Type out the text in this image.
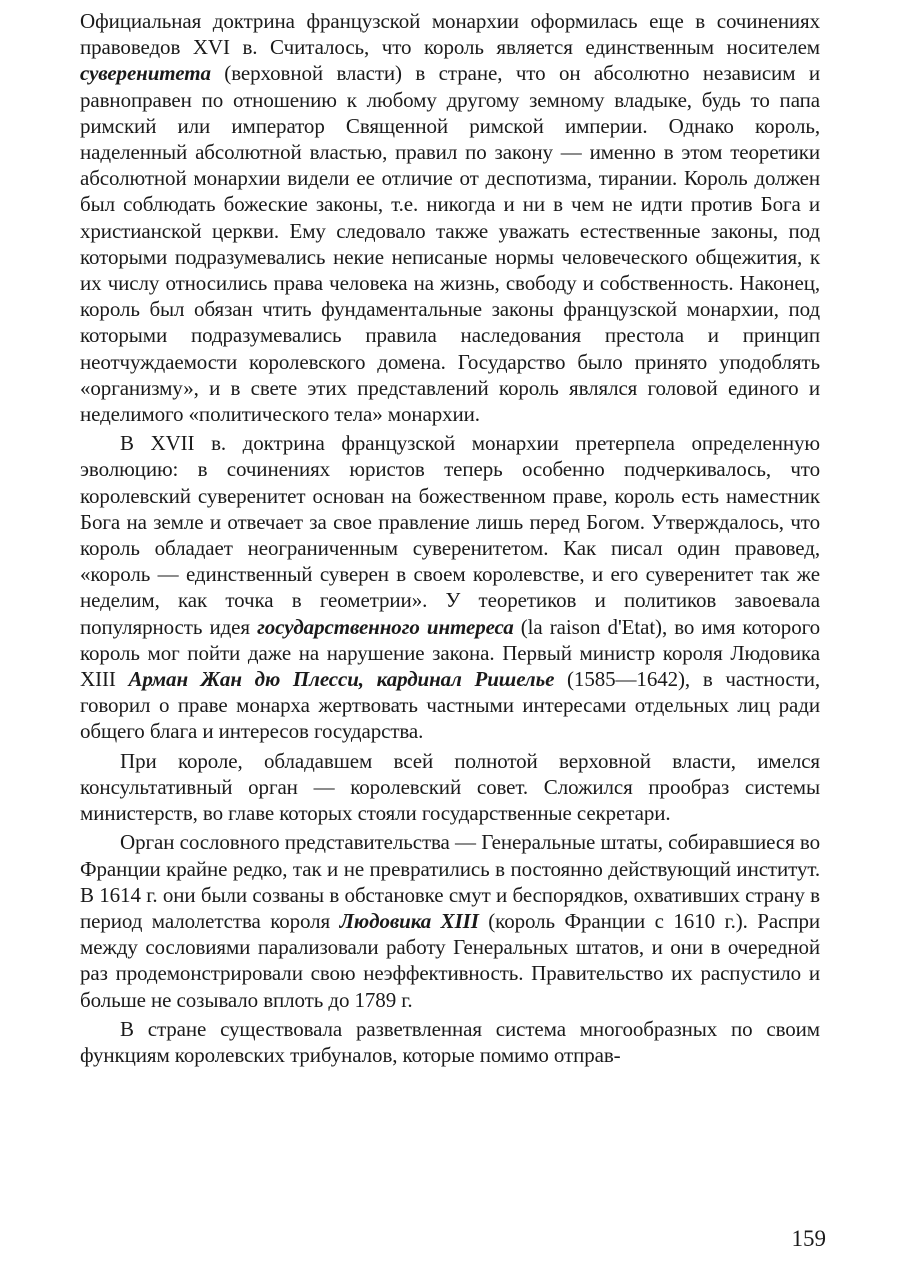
Официальная доктрина французской монархии оформилась еще в сочинениях правоведов XVI в. Считалось, что король является единственным носителем суверенитета (верховной власти) в стране, что он абсолютно независим и равноправен по отношению к любому другому земному владыке, будь то папа римский или император Священной римской империи. Однако король, наделенный абсолютной властью, правил по закону — именно в этом теоретики абсолютной монархии видели ее отличие от деспотизма, тирании. Король должен был соблюдать божеские законы, т.е. никогда и ни в чем не идти против Бога и христианской церкви. Ему следовало также уважать естественные законы, под которыми подразумевались некие неписаные нормы человеческого общежития, к их числу относились права человека на жизнь, свободу и собственность. Наконец, король был обязан чтить фундаментальные законы французской монархии, под которыми подразумевались правила наследования престола и принцип неотчуждаемости королевского домена. Государство было принято уподоблять «организму», и в свете этих представлений король являлся головой единого и неделимого «политического тела» монархии.

В XVII в. доктрина французской монархии претерпела определенную эволюцию: в сочинениях юристов теперь особенно подчеркивалось, что королевский суверенитет основан на божественном праве, король есть наместник Бога на земле и отвечает за свое правление лишь перед Богом. Утверждалось, что король обладает неограниченным суверенитетом. Как писал один правовед, «король — единственный суверен в своем королевстве, и его суверенитет так же неделим, как точка в геометрии». У теоретиков и политиков завоевала популярность идея государственного интереса (la raison d'Etat), во имя которого король мог пойти даже на нарушение закона. Первый министр короля Людовика XIII Арман Жан дю Плесси, кардинал Ришелье (1585—1642), в частности, говорил о праве монарха жертвовать частными интересами отдельных лиц ради общего блага и интересов государства.

При короле, обладавшем всей полнотой верховной власти, имелся консультативный орган — королевский совет. Сложился прообраз системы министерств, во главе которых стояли государственные секретари.

Орган сословного представительства — Генеральные штаты, собиравшиеся во Франции крайне редко, так и не превратились в постоянно действующий институт. В 1614 г. они были созваны в обстановке смут и беспорядков, охвативших страну в период малолетства короля Людовика XIII (король Франции с 1610 г.). Распри между сословиями парализовали работу Генеральных штатов, и они в очередной раз продемонстрировали свою неэффективность. Правительство их распустило и больше не созывало вплоть до 1789 г.

В стране существовала разветвленная система многообразных по своим функциям королевских трибуналов, которые помимо отправ-

159
